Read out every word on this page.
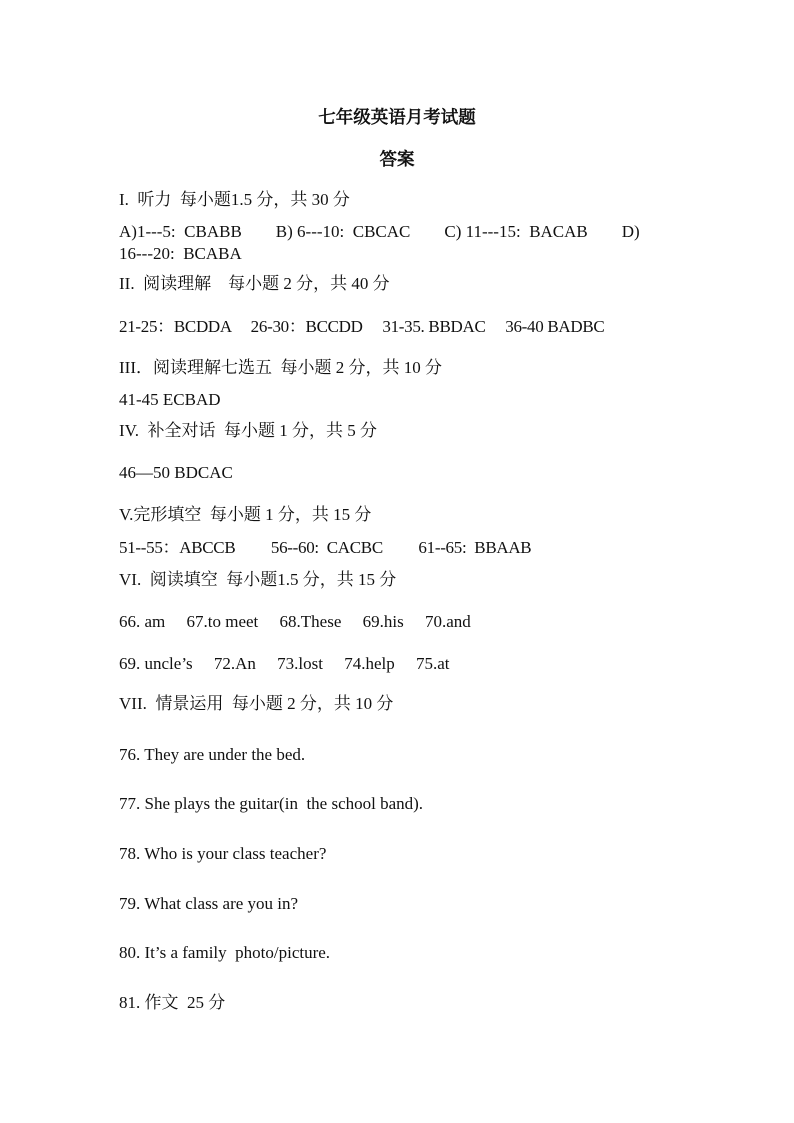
七年级英语月考试题
答案
I.  听力  每小题1.5 分，共 30 分
A)1---5:  CBABB        B) 6---10:  CBCAC        C) 11---15:  BACAB        D)
16---20:  BCABA
II.  阅读理解    每小题 2 分，共 40 分
21-25：BCDDA     26-30：BCCDD     31-35. BBDAC     36-40 BADBC
III．阅读理解七选五  每小题 2 分，共 10 分
41-45 ECBAD
IV.  补全对话  每小题 1 分，共 5 分
46—50 BDCAC
V.完形填空  每小题 1 分，共 15 分
51--55：ABCCB         56--60:  CACBC         61--65:  BBAAB
VI.  阅读填空  每小题1.5 分，共 15 分
66. am     67.to meet     68.These     69.his     70.and
69. uncle’s     72.An     73.lost     74.help     75.at
VII.  情景运用  每小题 2 分，共 10 分
76. They are under the bed.
77. She plays the guitar(in  the school band).
78. Who is your class teacher?
79. What class are you in?
80. It’s a family  photo/picture.
81. 作文  25 分
